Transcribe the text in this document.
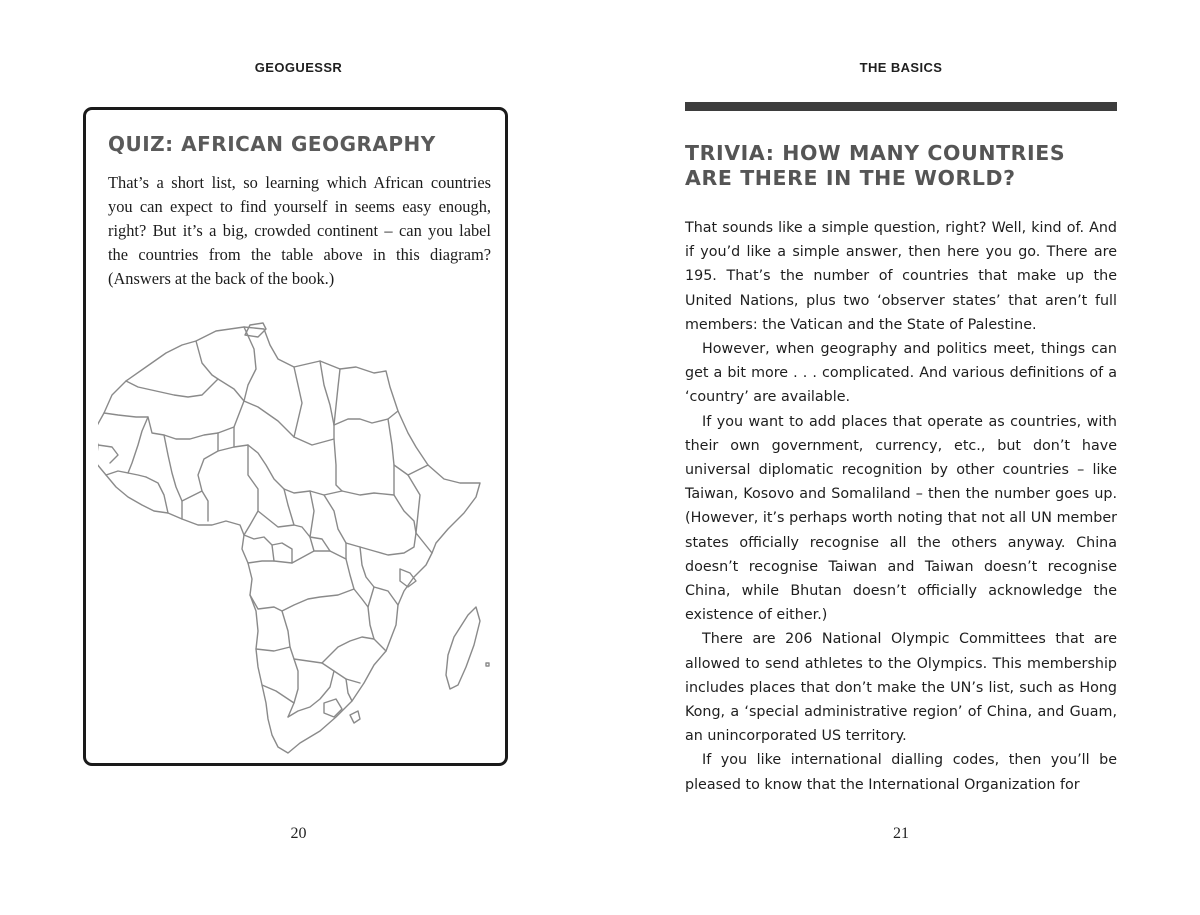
GEOGUESSR
QUIZ: AFRICAN GEOGRAPHY

That’s a short list, so learning which African countries you can expect to find yourself in seems easy enough, right? But it’s a big, crowded continent – can you label the countries from the table above in this diagram? (Answers at the back of the book.)

20
THE BASICS
TRIVIA: HOW MANY COUNTRIES ARE THERE IN THE WORLD?

That sounds like a simple question, right? Well, kind of. And if you’d like a simple answer, then here you go. There are 195. That’s the number of countries that make up the United Nations, plus two ‘observer states’ that aren’t full members: the Vatican and the State of Palestine.

However, when geography and politics meet, things can get a bit more . . . complicated. And various definitions of a ‘country’ are available.

If you want to add places that operate as countries, with their own government, currency, etc., but don’t have universal diplomatic recognition by other countries – like Taiwan, Kosovo and Somaliland – then the number goes up. (However, it’s perhaps worth noting that not all UN member states officially recognise all the others anyway. China doesn’t recognise Taiwan and Taiwan doesn’t recognise China, while Bhutan doesn’t officially acknowledge the existence of either.)

There are 206 National Olympic Committees that are allowed to send athletes to the Olympics. This membership includes places that don’t make the UN’s list, such as Hong Kong, a ‘special administrative region’ of China, and Guam, an unincorporated US territory.

If you like international dialling codes, then you’ll be pleased to know that the International Organization for

21
